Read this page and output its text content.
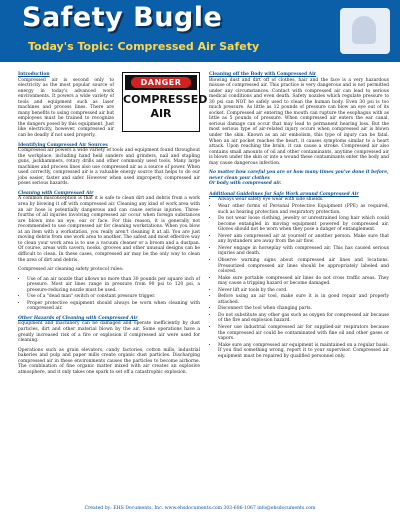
Safety Bugle
Today's Topic: Compressed Air Safety
DANGER
COMPRESSED
AIR
Introduction

Compressed air is second only to electricity as the most popular source of energy in today's advanced work environments. It powers a wide variety of tools and equipment such as laser machines and process lines. There are many benefits to using compressed air but employees must be trained to recognize the dangers posed by this equipment. Just like electricity, however, compressed air can be deadly if not used properly.

Identifying Compressed Air Sources

Compressed air powers a wide variety of tools and equipment found throughout the workplace, including hand held sanders and grinders, nail and stapling guns, jackhammers, rotary drills and other commonly used tools. Many large machines and process lines also use compressed air as a source of power. When used correctly, compressed air is a valuable energy source that helps to do our jobs easier, faster and safer. However when used improperly, compressed air poses serious hazards.

Cleaning with Compressed Air

A common misconception is that it is safe to clean dirt and debris from a work area by blowing it off with compressed air. Cleaning any kind of work area with an air hose is potentially dangerous and can cause serious injuries. Three-fourths of all injuries involving compressed air occur when foreign substances are blown into an eye, ear or face. For this reason, it is generally not recommended to use compressed air for cleaning workstations. When you blow at an item with a workstation, you really aren't cleaning it at all. You are just moving debris from one work area to another. The safest and most effective way to clean your work area is to use a vacuum cleaner or a broom and a dustpan. Of course, areas with cavern, nooks, grooves and other unusual designs can be difficult to clean. In these cases, compressed air may be the only way to clean the area of dirt and debris.

Compressed air cleaning safety protocol rules:

• Use of an air nozzle that allows no more than 30 pounds per square inch of pressure. Most air lines range in pressure from 90 psi to 120 psi, a pressure-reducing nozzle must be used.
• Use of a "dead man" switch or constant pressure trigger.
• Proper protective equipment should always be worn when cleaning with compressed air.
Other Hazards of Cleaning with Compressed Air

Equipment and machinery can be damaged and operate inefficiently by dust particles, dirt and other material blown by the air. Some operations have a greatly increased risk of a fire or explosion if compressed air were used for cleaning.

Operations such as grain elevators, candy factories, cotton mills, industrial bakeries and pulp and paper mills create organic dust particles. Discharging compressed air in these environments causes the particles to become airborne. The combination of fine organic matter mixed with air creates an explosive atmosphere, and it only takes one spark to set off a catastrophic explosion.

Cleaning off the Body with Compressed Air

Blowing dust and dirt off of clothes, hair and the face is a very hazardous misuse of compressed air. This practice is very dangerous and is not permitted under any circumstances. Contact with compressed air can lead to serious medical conditions and even death. Safety nozzles which regulate pressure to 30 psi can NOT be safely used to clean the human body. Even 30 psi is too much pressure. As little as 12 pounds of pressure can blow an eye out of its socket. Compressed air entering the mouth can rupture the esophagus with as little as 5 pounds of pressure. When compressed air enters the ear canal, serious damage can occur that may lead to permanent hearing loss. But the most serious type of air-related injury occurs when compressed air is blown under the skin. Known as an air embolism, this type of injury can be fatal. When an air pocket reaches the heart, it causes symptoms similar to a heart attack. Upon reaching the brain, it can cause a stroke. Compressed air also contains small amounts of oil and other contaminants, anytime compressed air is blown under the skin or into a wound these contaminants enter the body and may cause dangerous infection.

No matter how careful you are or how many times you've done it before, never clean your clothes
Or body with compressed air.
Additional Guidelines for Safe Work around Compressed Air
• Always wear safety eye wear with side shields.
• Wear other forms of Personal Protective Equipment (PPE) as required, such as hearing protection and respiratory protection.
• Do not wear loose clothing, jewelry or unrestrained long hair which could become entangled in moving equipment powered by compressed air. Gloves should not be worn when they pose a danger of entanglement.
• Never aim compressed air at yourself or another person. Make sure that any bystanders are away from the air flow.
• Never engage in horseplay with compressed air. This has caused serious injuries and death.
• Observe warning signs about compressed air lines and locations. Pressurized compressed air lines should be appropriately labeled and colored.
• Make sure portable compressed air lines do not cross traffic areas. They may cause a tripping hazard or become damaged.
• Never lift air tools by the cord.
• Before using an air tool, make sure it is in good repair and properly attached.
• Disconnect the tool when changing parts.
• Do not substitute any other gas such as oxygen for compressed air because of the fire and explosion hazard.
• Never use industrial compressed air for supplied-air respirators because the compressed air could be contaminated with fine oil and other gases or vapors.
• Make sure any compressed air equipment is maintained on a regular basis. If you find something wrong, report it to your supervisor. Compressed air equipment must be repaired by qualified personnel only.
Created by: EHS Documents, Inc. www.ehsdocuments.com 303-686-1067 info@ehsdocuments.com
